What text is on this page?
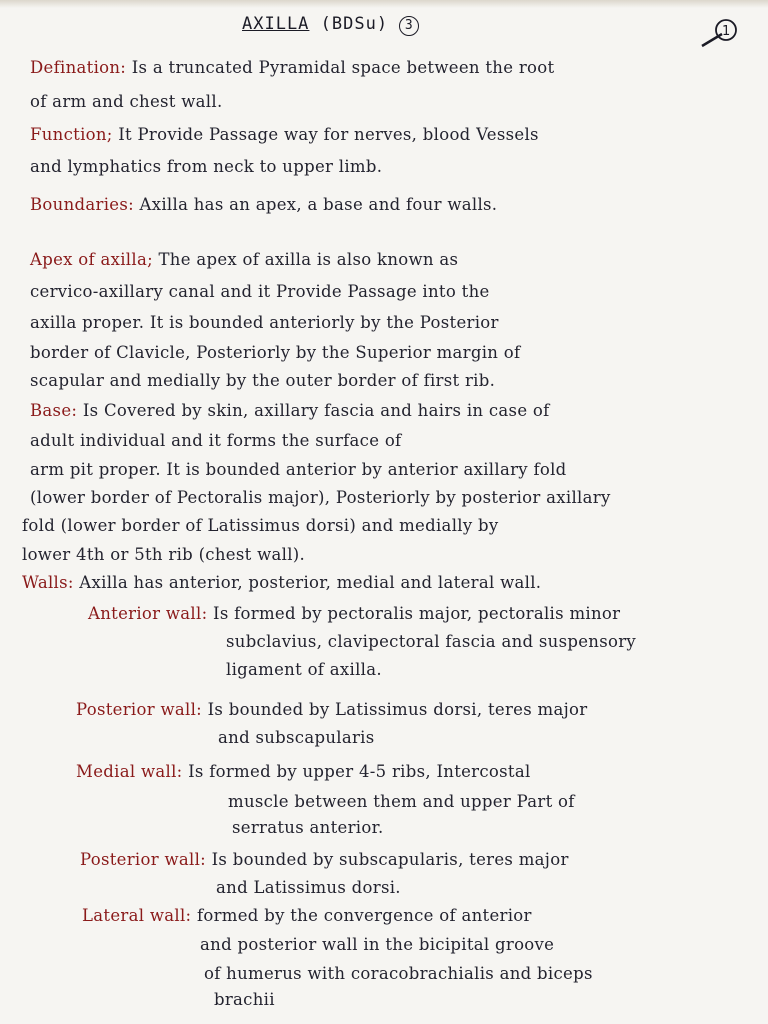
AXILLA (BDSu) 3	1

Defination: Is a truncated Pyramidal space between the root

of arm and chest wall.

Function; It Provide Passage way for nerves, blood Vessels

and lymphatics from neck to upper limb.

Boundaries: Axilla has an apex, a base and four walls.

Apex of axilla; The apex of axilla is also known as

cervico-axillary canal and it Provide Passage into the

axilla proper. It is bounded anteriorly by the Posterior

border of Clavicle, Posteriorly by the Superior margin of

scapular and medially by the outer border of first rib.

Base: Is Covered by skin, axillary fascia and hairs in case of

adult individual and it forms the surface of

arm pit proper. It is bounded anterior by anterior axillary fold

(lower border of Pectoralis major), Posteriorly by posterior axillary

fold (lower border of Latissimus dorsi) and medially by

lower 4th or 5th rib (chest wall).

Walls: Axilla has anterior, posterior, medial and lateral wall.

Anterior wall: Is formed by pectoralis major, pectoralis minor

subclavius, clavipectoral fascia and suspensory

ligament of axilla.

Posterior wall: Is bounded by Latissimus dorsi, teres major

and subscapularis

Medial wall: Is formed by upper 4-5 ribs, Intercostal

muscle between them and upper Part of

serratus anterior.

Posterior wall: Is bounded by subscapularis, teres major

and Latissimus dorsi.

Lateral wall: formed by the convergence of anterior

and posterior wall in the bicipital groove

of humerus with coracobrachialis and biceps

brachii
